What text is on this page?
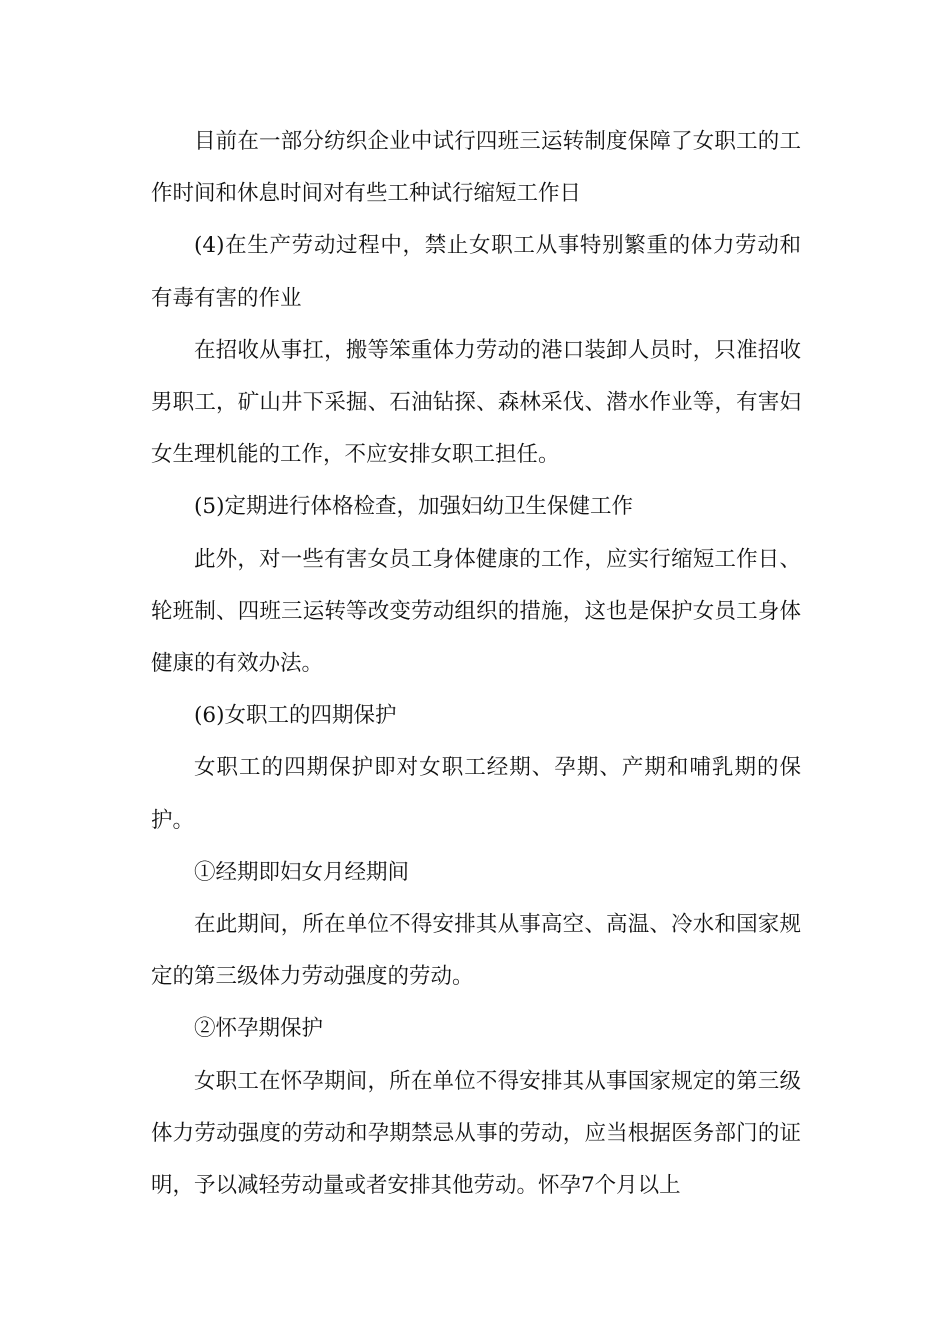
目前在一部分纺织企业中试行四班三运转制度保障了女职工的工作时间和休息时间对有些工种试行缩短工作日

(4)在生产劳动过程中，禁止女职工从事特别繁重的体力劳动和有毒有害的作业

在招收从事扛，搬等笨重体力劳动的港口装卸人员时，只准招收男职工，矿山井下采掘、石油钻探、森林采伐、潜水作业等，有害妇女生理机能的工作，不应安排女职工担任。

(5)定期进行体格检查，加强妇幼卫生保健工作

此外，对一些有害女员工身体健康的工作，应实行缩短工作日、轮班制、四班三运转等改变劳动组织的措施，这也是保护女员工身体健康的有效办法。

(6)女职工的四期保护

女职工的四期保护即对女职工经期、孕期、产期和哺乳期的保护。

①经期即妇女月经期间

在此期间，所在单位不得安排其从事高空、高温、冷水和国家规定的第三级体力劳动强度的劳动。

②怀孕期保护

女职工在怀孕期间，所在单位不得安排其从事国家规定的第三级体力劳动强度的劳动和孕期禁忌从事的劳动，应当根据医务部门的证明，予以减轻劳动量或者安排其他劳动。怀孕7个月以上
